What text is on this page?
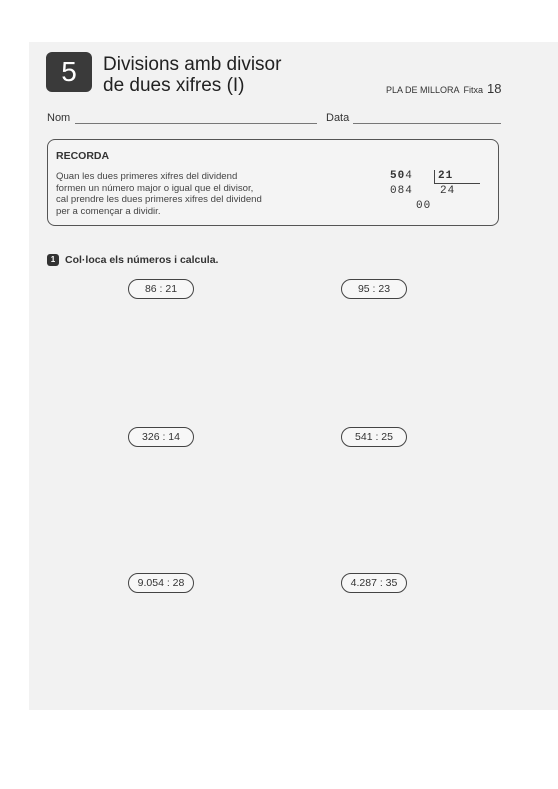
5	Divisions amb divisor
de dues xifres (I)	PLA DE MILLORA Fitxa 18
Nom	Data
RECORDA
Quan les dues primeres xifres del dividend
formen un número major o igual que el divisor,
cal prendre les dues primeres xifres del dividend
per a començar a dividir.
504 21
084 24
00
1 Col·loca els números i calcula.
86 : 21	95 : 23
326 : 14	541 : 25
9.054 : 28	4.287 : 35
